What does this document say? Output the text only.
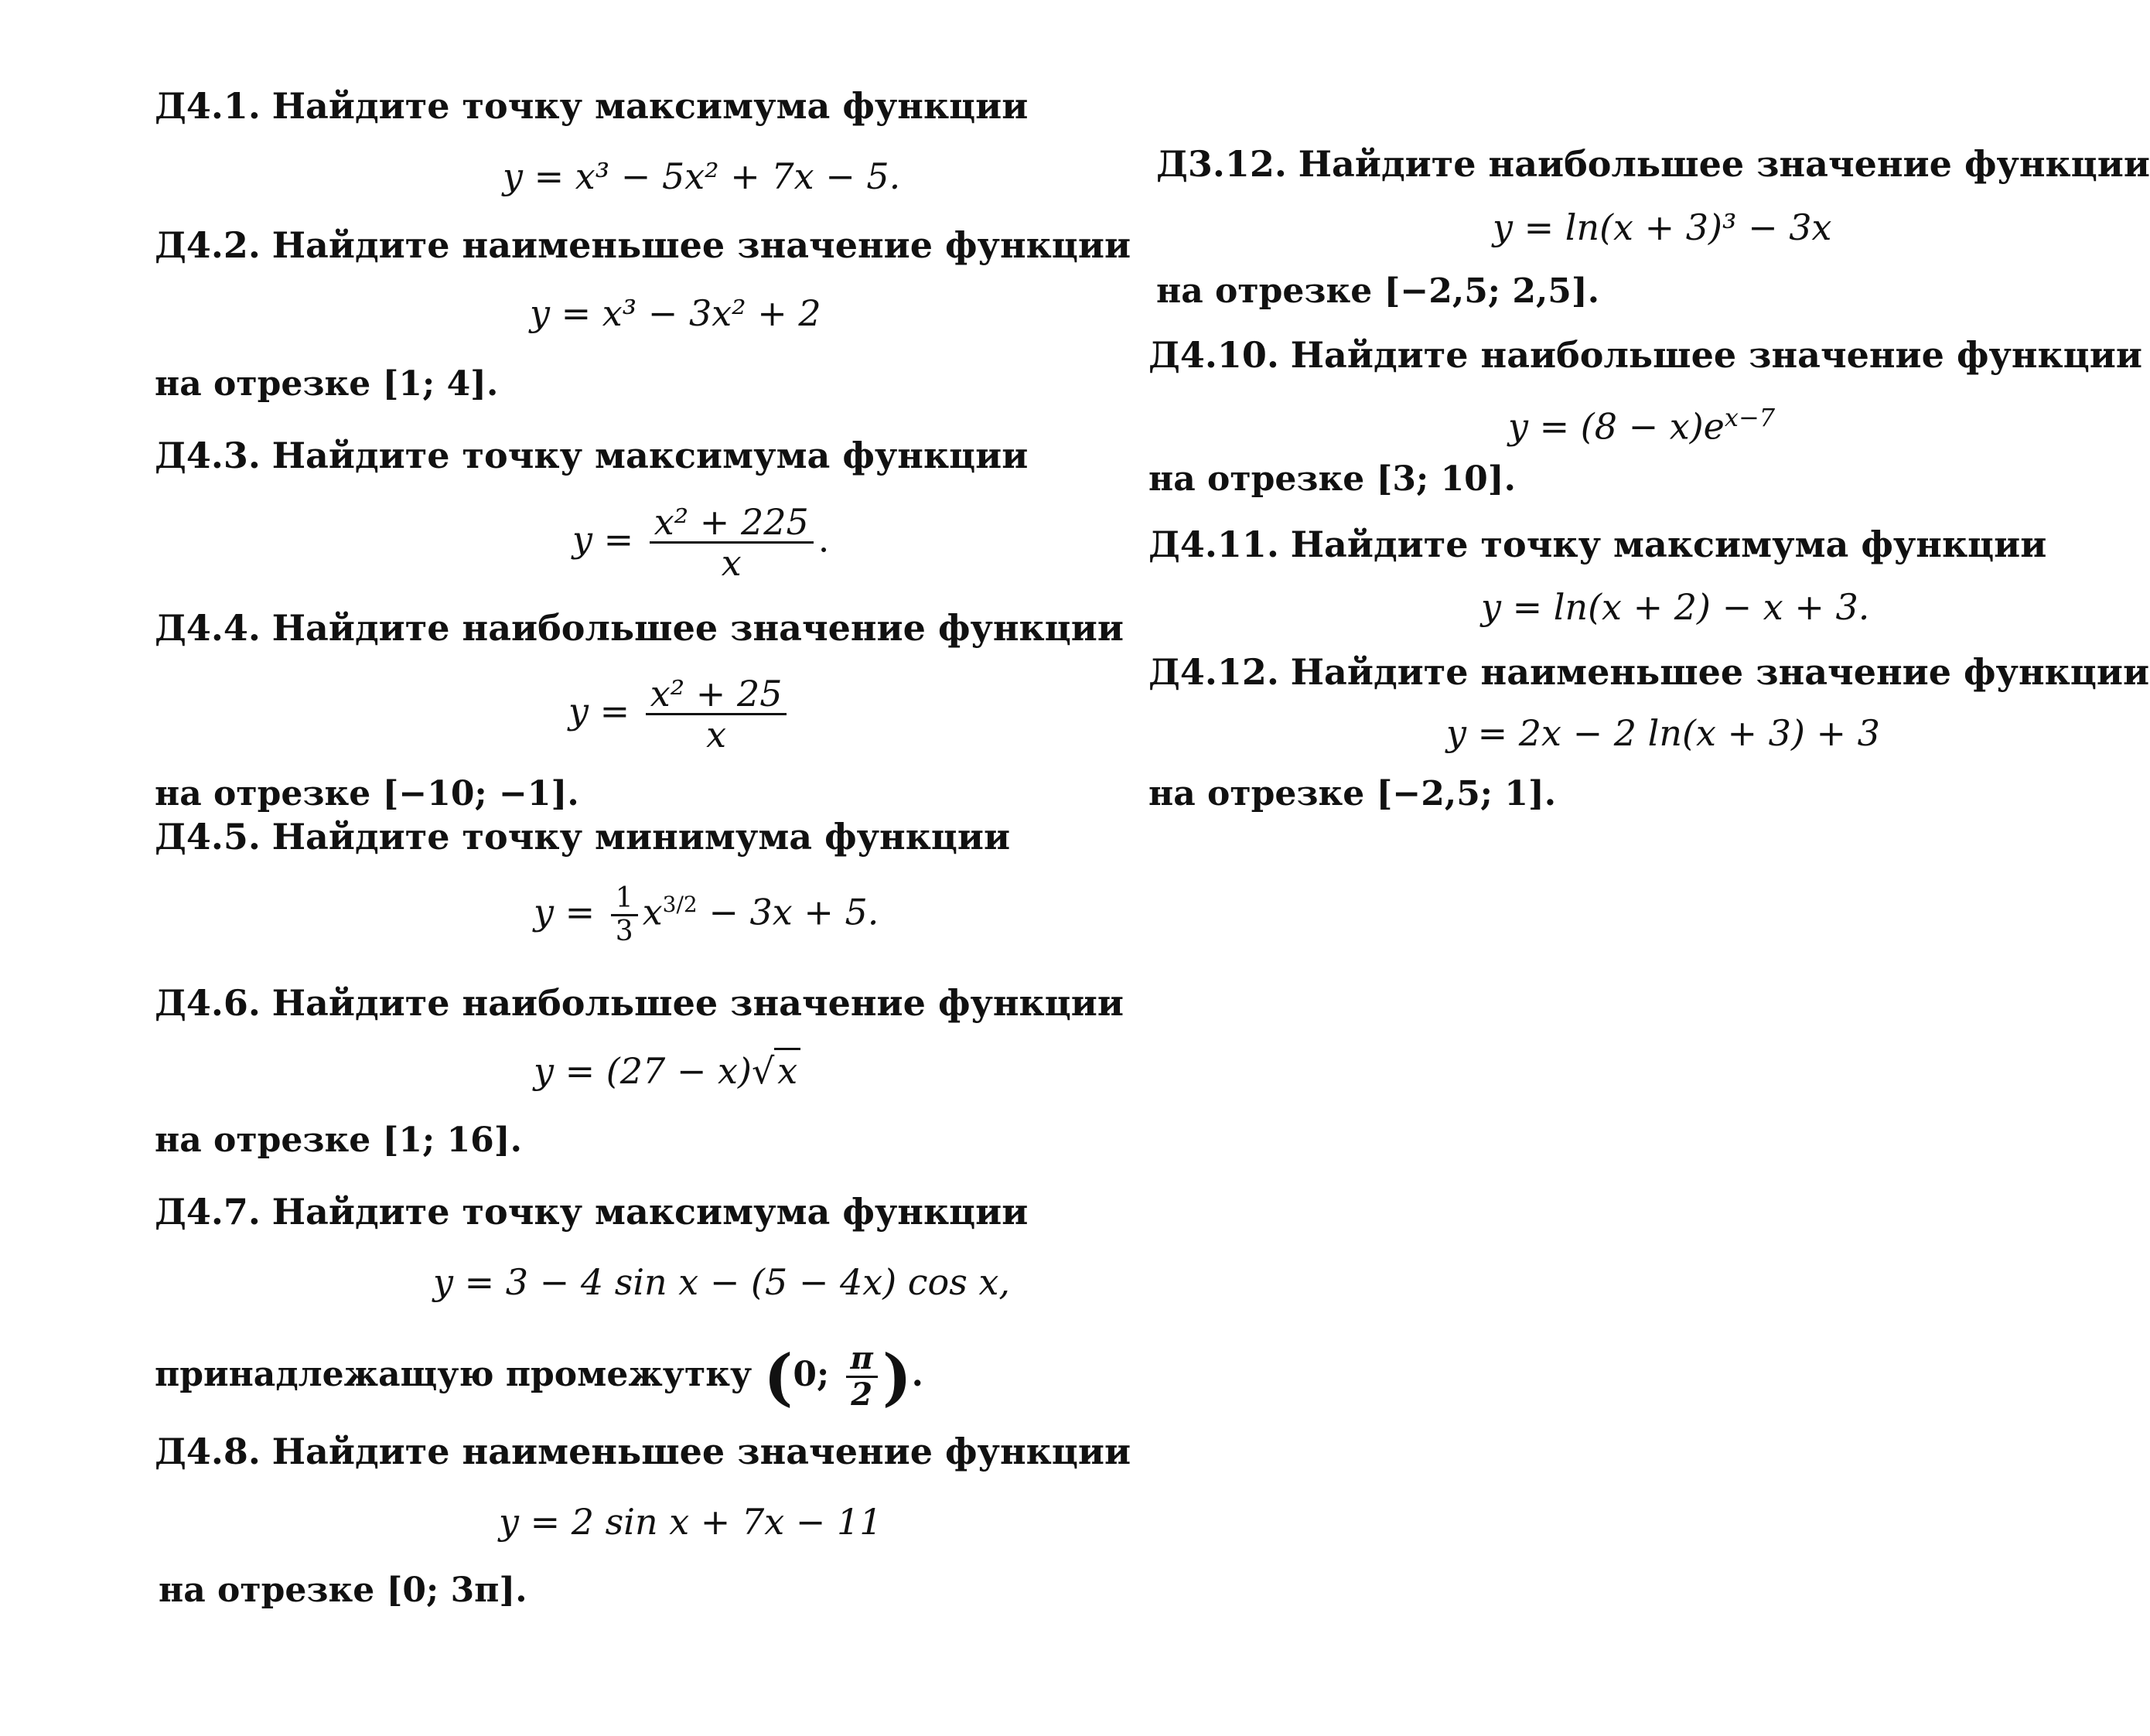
Д4.1. Найдите точку максимума функции
y = x³ − 5x² + 7x − 5.
Д4.2. Найдите наименьшее значение функции
y = x³ − 3x² + 2
на отрезке [1; 4].
Д4.3. Найдите точку максимума функции
$y = \frac{\text{x² + 225}}{x}$ .
Д4.4. Найдите наибольшее значение функции
$y = \frac{\text{x² + 25}}{x}$
на отрезке [−10; −1].
Д4.5. Найдите точку минимума функции
$y = \frac{1}{3} x^{3/2} - 3x + 5$.
Д4.6. Найдите наибольшее значение функции
y = (27 − x)√x
на отрезке [1; 16].
Д4.7. Найдите точку максимума функции
y = 3 − 4 sin x − (5 − 4x) cos x,
принадлежащую промежутку (0; $\frac{\pi}{2}$ ).
Д4.8. Найдите наименьшее значение функции
y = 2 sin x + 7x − 11
на отрезке [0; 3π].
Д3.12. Найдите наибольшее значение функции
y = ln(x + 3)³ − 3x
на отрезке [−2,5; 2,5].
Д4.10. Найдите наибольшее значение функции
$y = (8 - x)e^{x-7}$
на отрезке [3; 10].
Д4.11. Найдите точку максимума функции
y = ln(x + 2) − x + 3.
Д4.12. Найдите наименьшее значение функции
y = 2x − 2 ln(x + 3) + 3
на отрезке [−2,5; 1].
